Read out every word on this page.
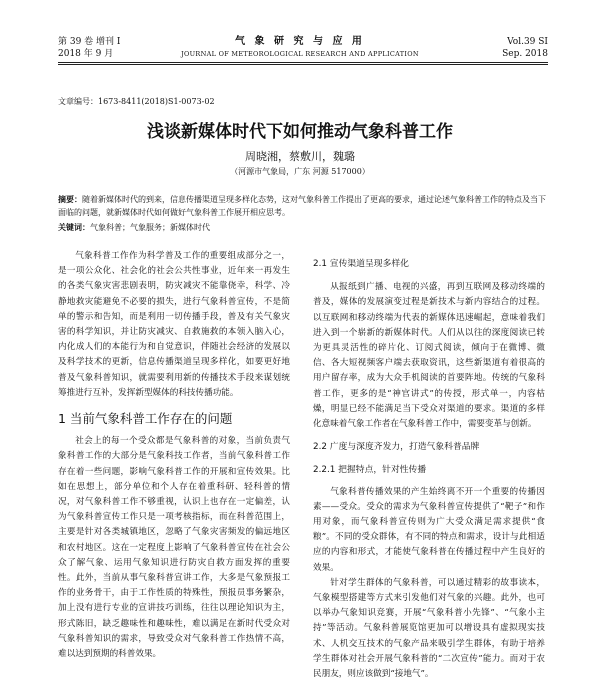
第 39 卷 增刊 I
2018 年 9 月
气 象 研 究 与 应 用
JOURNAL OF METEOROLOGICAL RESEARCH AND APPLICATION
Vol.39 SI
Sep. 2018
文章编号：1673-8411(2018)S1-0073-02
浅谈新媒体时代下如何推动气象科普工作
周晓湘，蔡敷川，魏璐
（河源市气象局，广东 河源 517000）
摘要：随着新媒体时代的到来，信息传播渠道呈现多样化态势，这对气象科普工作提出了更高的要求，通过论述气象科普工作的特点及当下面临的问题，就新媒体时代如何做好气象科普工作展开相应思考。
关键词：气象科普；气象服务；新媒体时代

气象科普工作作为科学普及工作的重要组成部分之一，是一项公众化、社会化的社会公共性事业，近年来一再发生的各类气象灾害悲剧表明，防灾减灾不能靠侥幸，科学、冷静地救灾能避免不必要的损失，进行气象科普宣传，不是简单的警示和告知，而是利用一切传播手段，普及有关气象灾害的科学知识，并让防灾减灾、自救施救的本领入脑入心，内化成人们的本能行为和自觉意识，伴随社会经济的发展以及科学技术的更新，信息传播渠道呈现多样化，如要更好地普及气象科普知识，就需要利用新的传播技术手段来谋划统筹推进行互补，发挥新型媒体的科技传播功能。

1 当前气象科普工作存在的问题

社会上的每一个受众都是气象科普的对象，当前负责气象科普工作的大部分是气象科技工作者，当前气象科普工作存在着一些问题，影响气象科普工作的开展和宣传效果。比如在思想上，部分单位和个人存在着重科研、轻科普的情况，对气象科普工作不够重视，认识上也存在一定偏差，认为气象科普宣传工作只是一项考核指标，而在科普范围上，主要是针对各类城镇地区，忽略了气象灾害频发的偏远地区和农村地区。这在一定程度上影响了气象科普宣传在社会公众了解气象、运用气象知识进行防灾自救方面发挥的重要性。此外，当前从事气象科普宣讲工作，大多是气象预报工作的业务骨干，由于工作性质的特殊性，预报员事务繁杂，加上没有进行专业的宣讲技巧训练，往往以理论知识为主，形式陈旧，缺乏趣味性和趣味性，难以满足在新时代受众对气象科普知识的需求，导致受众对气象科普工作热情不高，难以达到预期的科普效果。

2.1 宣传渠道呈现多样化

从报纸到广播、电视的兴盛，再到互联网及移动终端的普及，媒体的发展演变过程是新技术与新内容结合的过程。以互联网和移动终端为代表的新媒体迅速崛起，意味着我们进入到一个崭新的新媒体时代。人们从以往的深度阅读已转为更具灵活性的碎片化、订阅式阅读，倾向于在微博、微信、各大短视频客户端去获取资讯，这些新渠道有着很高的用户留存率，成为大众手机阅读的首要阵地。传统的气象科普工作，更多的是“神官讲式”的传授，形式单一，内容枯燥，明显已经不能满足当下受众对渠道的要求。渠道的多样化意味着气象工作者在气象科普工作中，需要变革与创新。

2.2 广度与深度齐发力，打造气象科普品牌
2.2.1 把握特点，针对性传播

气象科普传播效果的产生始终离不开一个重要的传播因素——受众。受众的需求为气象科普宣传提供了“靶子”和作用对象，而气象科普宣传则为广大受众满足需求提供“食粮”。不同的受众群体，有不同的特点和需求，设计与此相适应的内容和形式，才能使气象科普在传播过程中产生良好的效果。

针对学生群体的气象科普，可以通过精彩的故事读本，气象模型搭建等方式来引发他们对气象的兴趣。此外，也可以举办气象知识竞赛，开展“气象科普小先锋”、“气象小主持”等活动。气象科普展览馆更加可以增设具有虚拟现实技术、人机交互技术的气象产品来吸引学生群体，有助于培养学生群体对社会开展气象科普的“二次宣传”能力。而对于农民朋友，则应该做到“接地气”。
